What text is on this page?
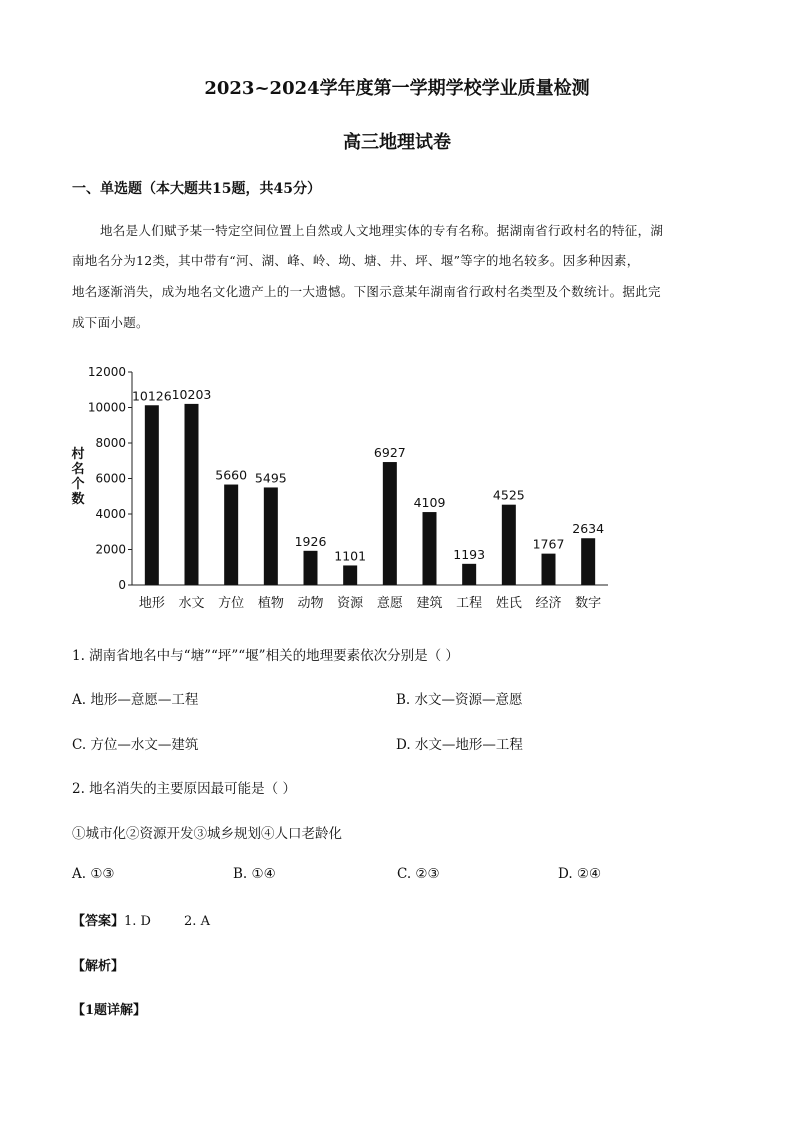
2023~2024学年度第一学期学校学业质量检测
高三地理试卷
一、单选题（本大题共15题，共45分）
地名是人们赋予某一特定空间位置上自然或人文地理实体的专有名称。据湖南省行政村名的特征，湖
南地名分为12类，其中带有“河、湖、峰、岭、坳、塘、井、坪、堰”等字的地名较多。因多种因素，
地名逐渐消失，成为地名文化遗产上的一大遗憾。下图示意某年湖南省行政村名类型及个数统计。据此完
成下面小题。
0
2000
4000
6000
8000
10000
12000
村
名
个
数
10126
地形
10203
水文
5660
方位
5495
植物
1926
动物
1101
资源
6927
意愿
4109
建筑
1193
工程
4525
姓氏
1767
经济
2634
数字
1. 湖南省地名中与“塘”“坪”“堰”相关的地理要素依次分别是（ ）
A. 地形—意愿—工程	B. 水文—资源—意愿
C. 方位—水文—建筑	D. 水文—地形—工程
2. 地名消失的主要原因最可能是（ ）
①城市化②资源开发③城乡规划④人口老龄化
A. ①③	B. ①④	C. ②③	D. ②④
【答案】1. D        2. A
【解析】
【1题详解】
